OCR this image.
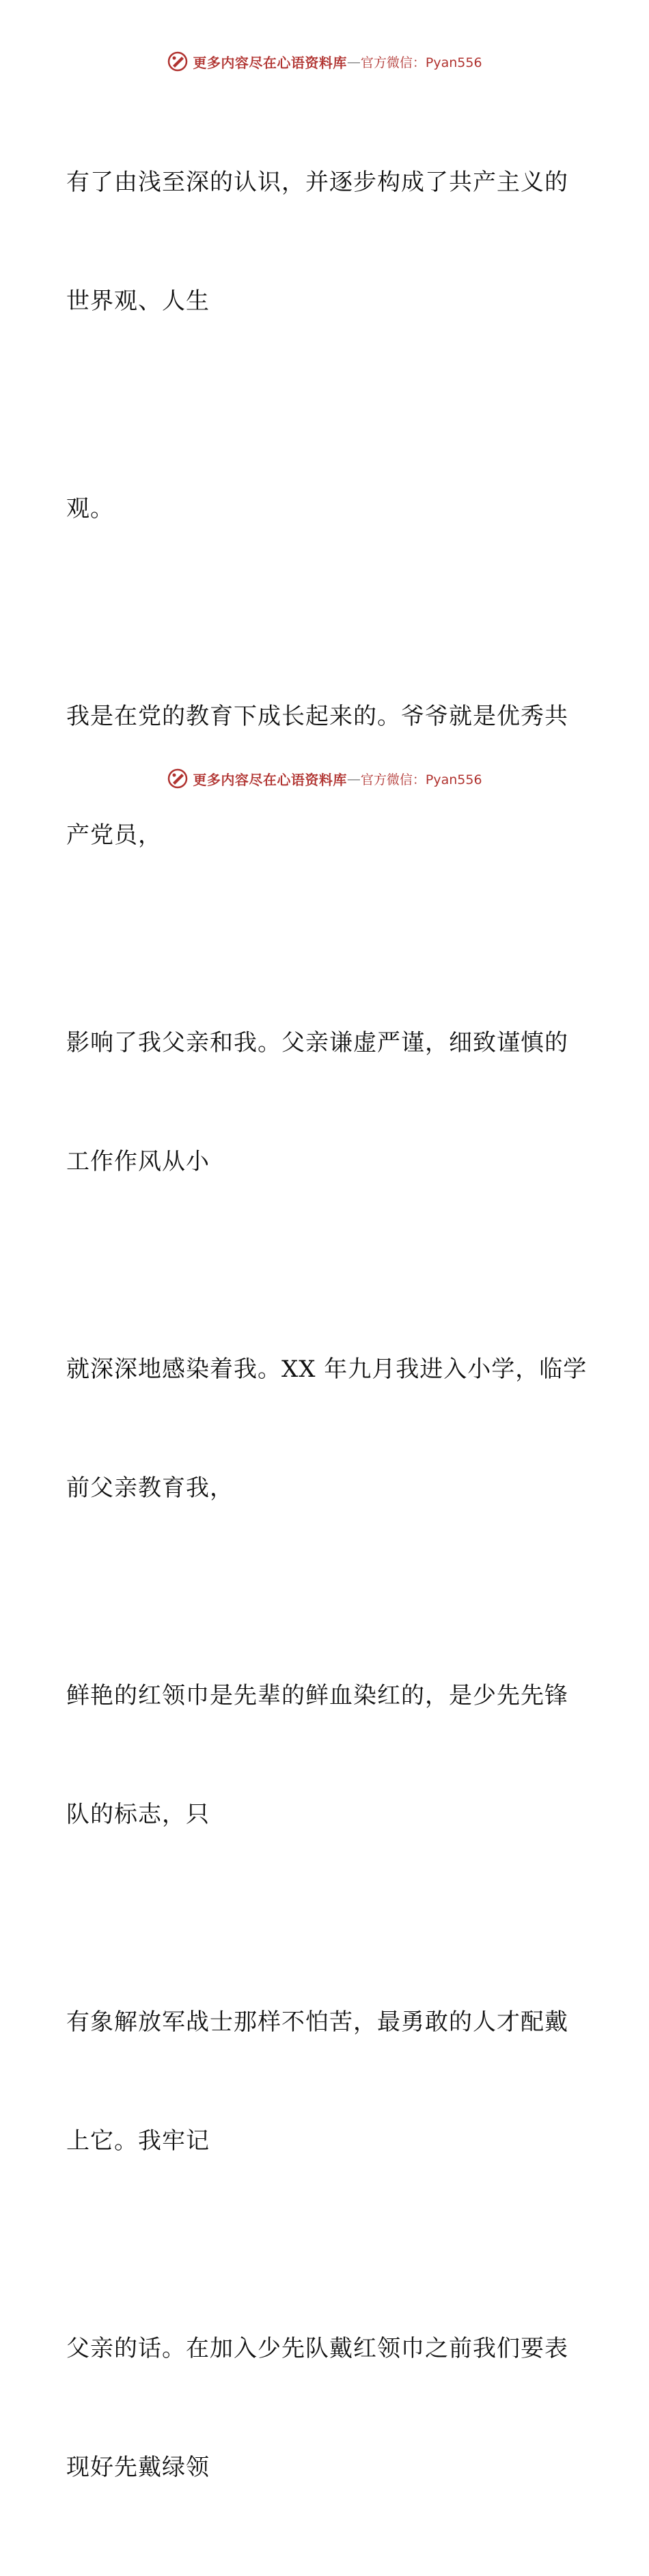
更多内容尽在心语资料库 — 官方微信：Pyan556

有了由浅至深的认识，并逐步构成了共产主义的

世界观、人生

观。

我是在党的教育下成长起来的。爷爷就是优秀共

产党员，

影响了我父亲和我。父亲谦虚严谨，细致谨慎的

工作作风从小

就深深地感染着我。XX 年九月我进入小学，临学

前父亲教育我，

鲜艳的红领巾是先辈的鲜血染红的，是少先先锋

队的标志，只

有象解放军战士那样不怕苦，最勇敢的人才配戴

上它。我牢记

父亲的话。在加入少先队戴红领巾之前我们要表

现好先戴绿领

更多内容尽在心语资料库 — 官方微信：Pyan556
